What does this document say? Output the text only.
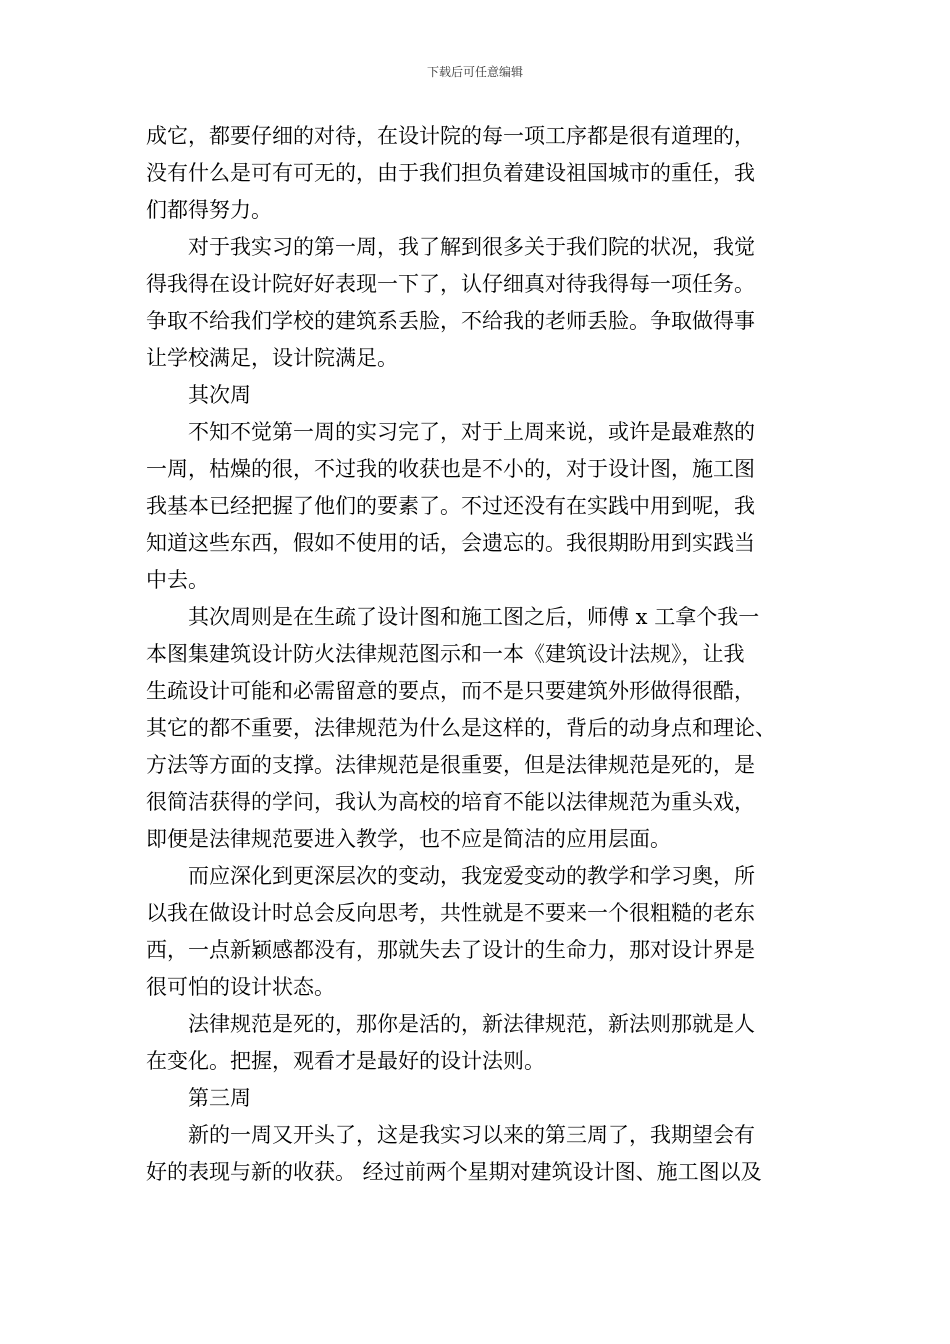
下载后可任意编辑
成它，都要仔细的对待，在设计院的每一项工序都是很有道理的，
没有什么是可有可无的，由于我们担负着建设祖国城市的重任，我
们都得努力。
对于我实习的第一周，我了解到很多关于我们院的状况，我觉
得我得在设计院好好表现一下了，认仔细真对待我得每一项任务。
争取不给我们学校的建筑系丢脸，不给我的老师丢脸。争取做得事
让学校满足，设计院满足。
其次周
不知不觉第一周的实习完了，对于上周来说，或许是最难熬的
一周，枯燥的很，不过我的收获也是不小的，对于设计图，施工图
我基本已经把握了他们的要素了。不过还没有在实践中用到呢，我
知道这些东西，假如不使用的话，会遗忘的。我很期盼用到实践当
中去。
其次周则是在生疏了设计图和施工图之后，师傅 x 工拿个我一
本图集建筑设计防火法律规范图示和一本《建筑设计法规》，让我
生疏设计可能和必需留意的要点，而不是只要建筑外形做得很酷，
其它的都不重要，法律规范为什么是这样的，背后的动身点和理论、
方法等方面的支撑。法律规范是很重要，但是法律规范是死的，是
很简洁获得的学问，我认为高校的培育不能以法律规范为重头戏，
即便是法律规范要进入教学，也不应是简洁的应用层面。
而应深化到更深层次的变动，我宠爱变动的教学和学习奥，所
以我在做设计时总会反向思考，共性就是不要来一个很粗糙的老东
西，一点新颖感都没有，那就失去了设计的生命力，那对设计界是
很可怕的设计状态。
法律规范是死的，那你是活的，新法律规范，新法则那就是人
在变化。把握，观看才是最好的设计法则。
第三周
新的一周又开头了，这是我实习以来的第三周了，我期望会有
好的表现与新的收获。 经过前两个星期对建筑设计图、施工图以及
